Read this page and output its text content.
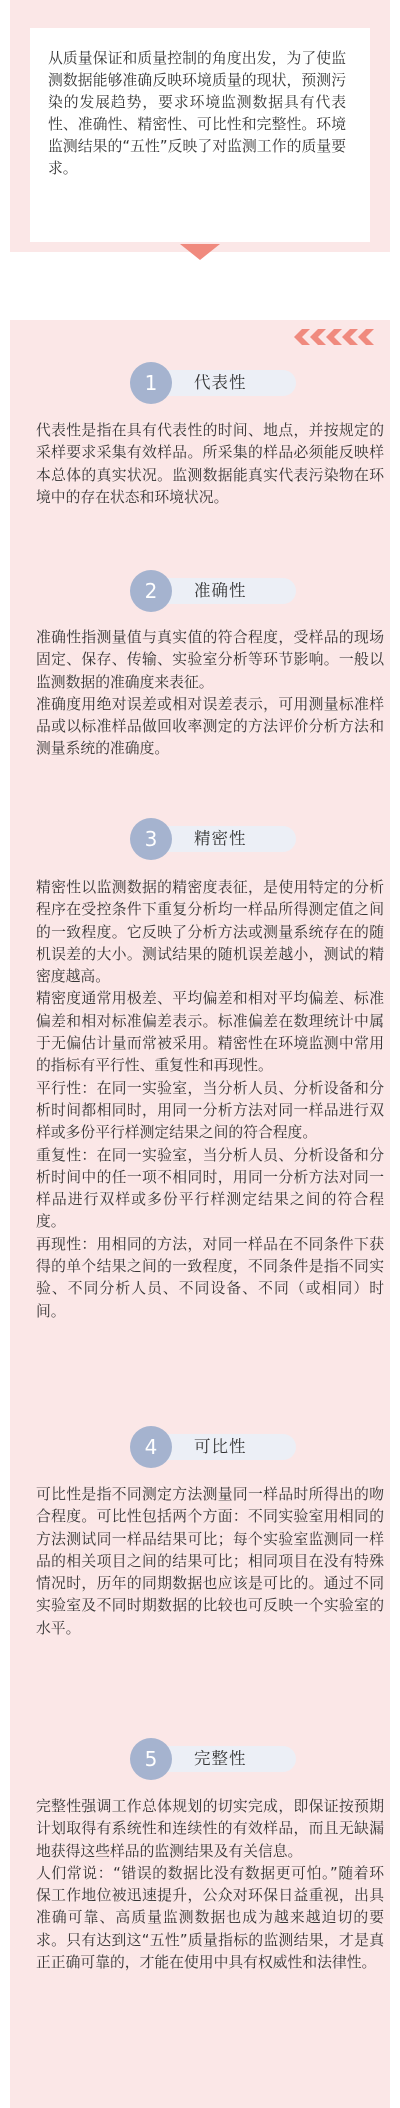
从质量保证和质量控制的角度出发，为了使监测数据能够准确反映环境质量的现状，预测污染的发展趋势，要求环境监测数据具有代表性、准确性、精密性、可比性和完整性。环境监测结果的“五性”反映了对监测工作的质量要求。
1	代表性

代表性是指在具有代表性的时间、地点，并按规定的采样要求采集有效样品。所采集的样品必须能反映样本总体的真实状况。监测数据能真实代表污染物在环境中的存在状态和环境状况。

2	准确性

准确性指测量值与真实值的符合程度，受样品的现场固定、保存、传输、实验室分析等环节影响。一般以监测数据的准确度来表征。

准确度用绝对误差或相对误差表示，可用测量标准样品或以标准样品做回收率测定的方法评价分析方法和测量系统的准确度。

3	精密性

精密性以监测数据的精密度表征，是使用特定的分析程序在受控条件下重复分析均一样品所得测定值之间的一致程度。它反映了分析方法或测量系统存在的随机误差的大小。测试结果的随机误差越小，测试的精密度越高。

精密度通常用极差、平均偏差和相对平均偏差、标准偏差和相对标准偏差表示。标准偏差在数理统计中属于无偏估计量而常被采用。精密性在环境监测中常用的指标有平行性、重复性和再现性。

平行性：在同一实验室，当分析人员、分析设备和分析时间都相同时，用同一分析方法对同一样品进行双样或多份平行样测定结果之间的符合程度。

重复性：在同一实验室，当分析人员、分析设备和分析时间中的任一项不相同时，用同一分析方法对同一样品进行双样或多份平行样测定结果之间的符合程度。

再现性：用相同的方法，对同一样品在不同条件下获得的单个结果之间的一致程度，不同条件是指不同实验、不同分析人员、不同设备、不同（或相同）时间。

4	可比性

可比性是指不同测定方法测量同一样品时所得出的吻合程度。可比性包括两个方面：不同实验室用相同的方法测试同一样品结果可比；每个实验室监测同一样品的相关项目之间的结果可比；相同项目在没有特殊情况时，历年的同期数据也应该是可比的。通过不同实验室及不同时期数据的比较也可反映一个实验室的水平。

5	完整性

完整性强调工作总体规划的切实完成，即保证按预期计划取得有系统性和连续性的有效样品，而且无缺漏地获得这些样品的监测结果及有关信息。

人们常说：“错误的数据比没有数据更可怕。”随着环保工作地位被迅速提升，公众对环保日益重视，出具准确可靠、高质量监测数据也成为越来越迫切的要求。只有达到这“五性”质量指标的监测结果，才是真正正确可靠的，才能在使用中具有权威性和法律性。
